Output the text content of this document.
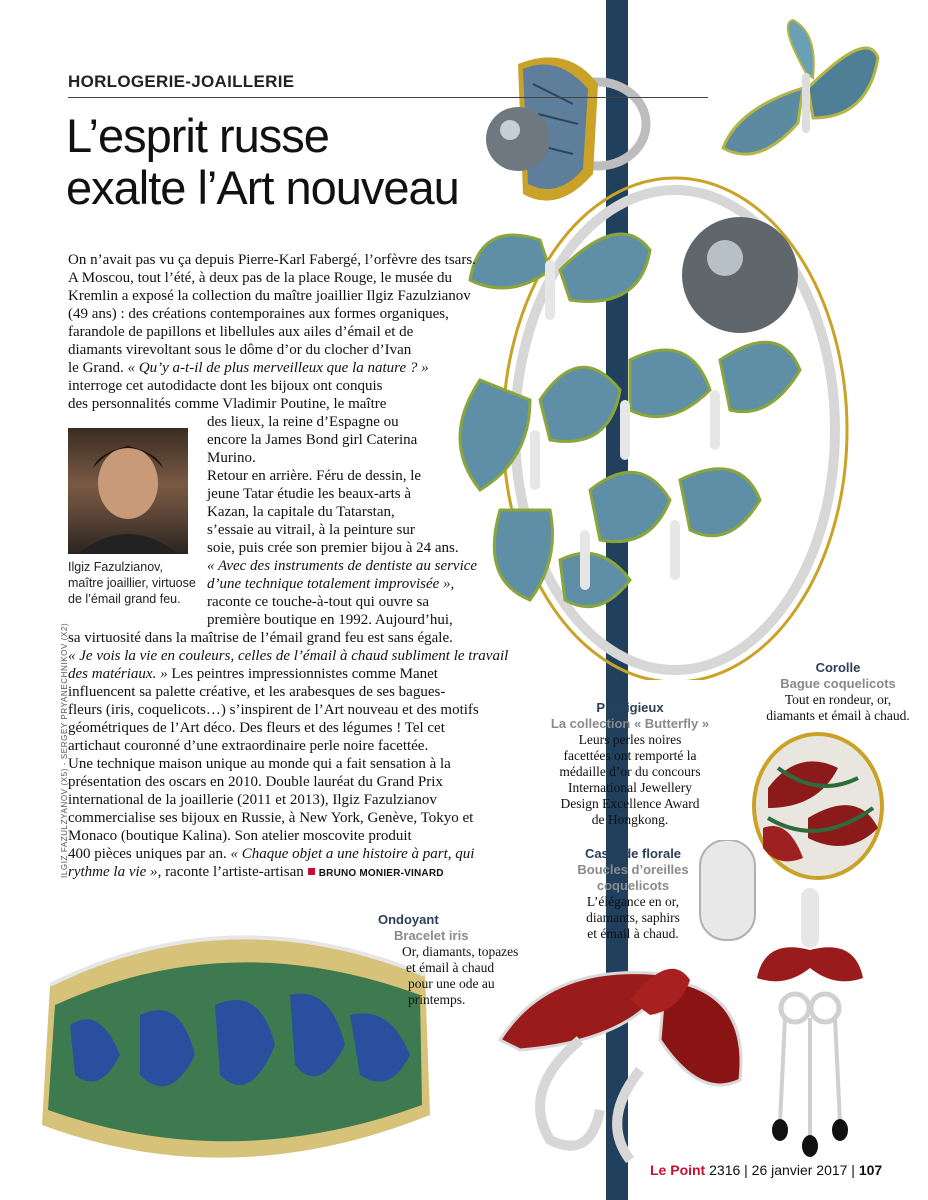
HORLOGERIE-JOAILLERIE
L’esprit russe
exalte l’Art nouveau
On n’avait pas vu ça depuis Pierre-Karl Fabergé, l’orfèvre des tsars.
A Moscou, tout l’été, à deux pas de la place Rouge, le musée du
Kremlin a exposé la collection du maître joaillier Ilgiz Fazulzianov
(49 ans) : des créations contemporaines aux formes organiques,
farandole de papillons et libellules aux ailes d’émail et de
diamants virevoltant sous le dôme d’or du clocher d’Ivan
le Grand. « Qu’y a-t-il de plus merveilleux que la nature ? »
interroge cet autodidacte dont les bijoux ont conquis
des personnalités comme Vladimir Poutine, le maître
Ilgiz Fazulzianov,
maître joaillier, virtuose
de l’émail grand feu.
des lieux, la reine d’Espagne ou
encore la James Bond girl Caterina
Murino.
Retour en arrière. Féru de dessin, le
jeune Tatar étudie les beaux-arts à
Kazan, la capitale du Tatarstan,
s’essaie au vitrail, à la peinture sur
soie, puis crée son premier bijou à 24 ans.
« Avec des instruments de dentiste au service
d’une technique totalement improvisée »,
raconte ce touche-à-tout qui ouvre sa
première boutique en 1992. Aujourd’hui,
sa virtuosité dans la maîtrise de l’émail grand feu est sans égale.
« Je vois la vie en couleurs, celles de l’émail à chaud subliment le travail
des matériaux. » Les peintres impressionnistes comme Manet
influencent sa palette créative, et les arabesques de ses bagues-
fleurs (iris, coquelicots…) s’inspirent de l’Art nouveau et des motifs
géométriques de l’Art déco. Des fleurs et des légumes ! Tel cet
artichaut couronné d’une extraordinaire perle noire facettée.
Une technique maison unique au monde qui a fait sensation à la
présentation des oscars en 2010. Double lauréat du Grand Prix
international de la joaillerie (2011 et 2013), Ilgiz Fazulzianov
commercialise ses bijoux en Russie, à New York, Genève, Tokyo et
Monaco (boutique Kalina). Son atelier moscovite produit
400 pièces uniques par an. « Chaque objet a une histoire à part, qui
rythme la vie », raconte l’artiste-artisan BRUNO MONIER-VINARD
ILGIZ FAZULZYANOV (X5) - SERGEY PRYANECHNIKOV (X2)	Prodigieux
La collection « Butterfly »
Leurs perles noires
facettées ont remporté la
médaille d’or du concours
International Jewellery
Design Excellence Award
de Hongkong.
Corolle
Bague coquelicots
Tout en rondeur, or,
diamants et émail à chaud.
Cascade florale
Boucles d’oreilles
coquelicots
L’élégance en or,
diamants, saphirs
et émail à chaud.
Ondoyant
Bracelet iris
Or, diamants, topazes
et émail à chaud
pour une ode au
printemps.
Le Point 2316 | 26 janvier 2017 | 107
